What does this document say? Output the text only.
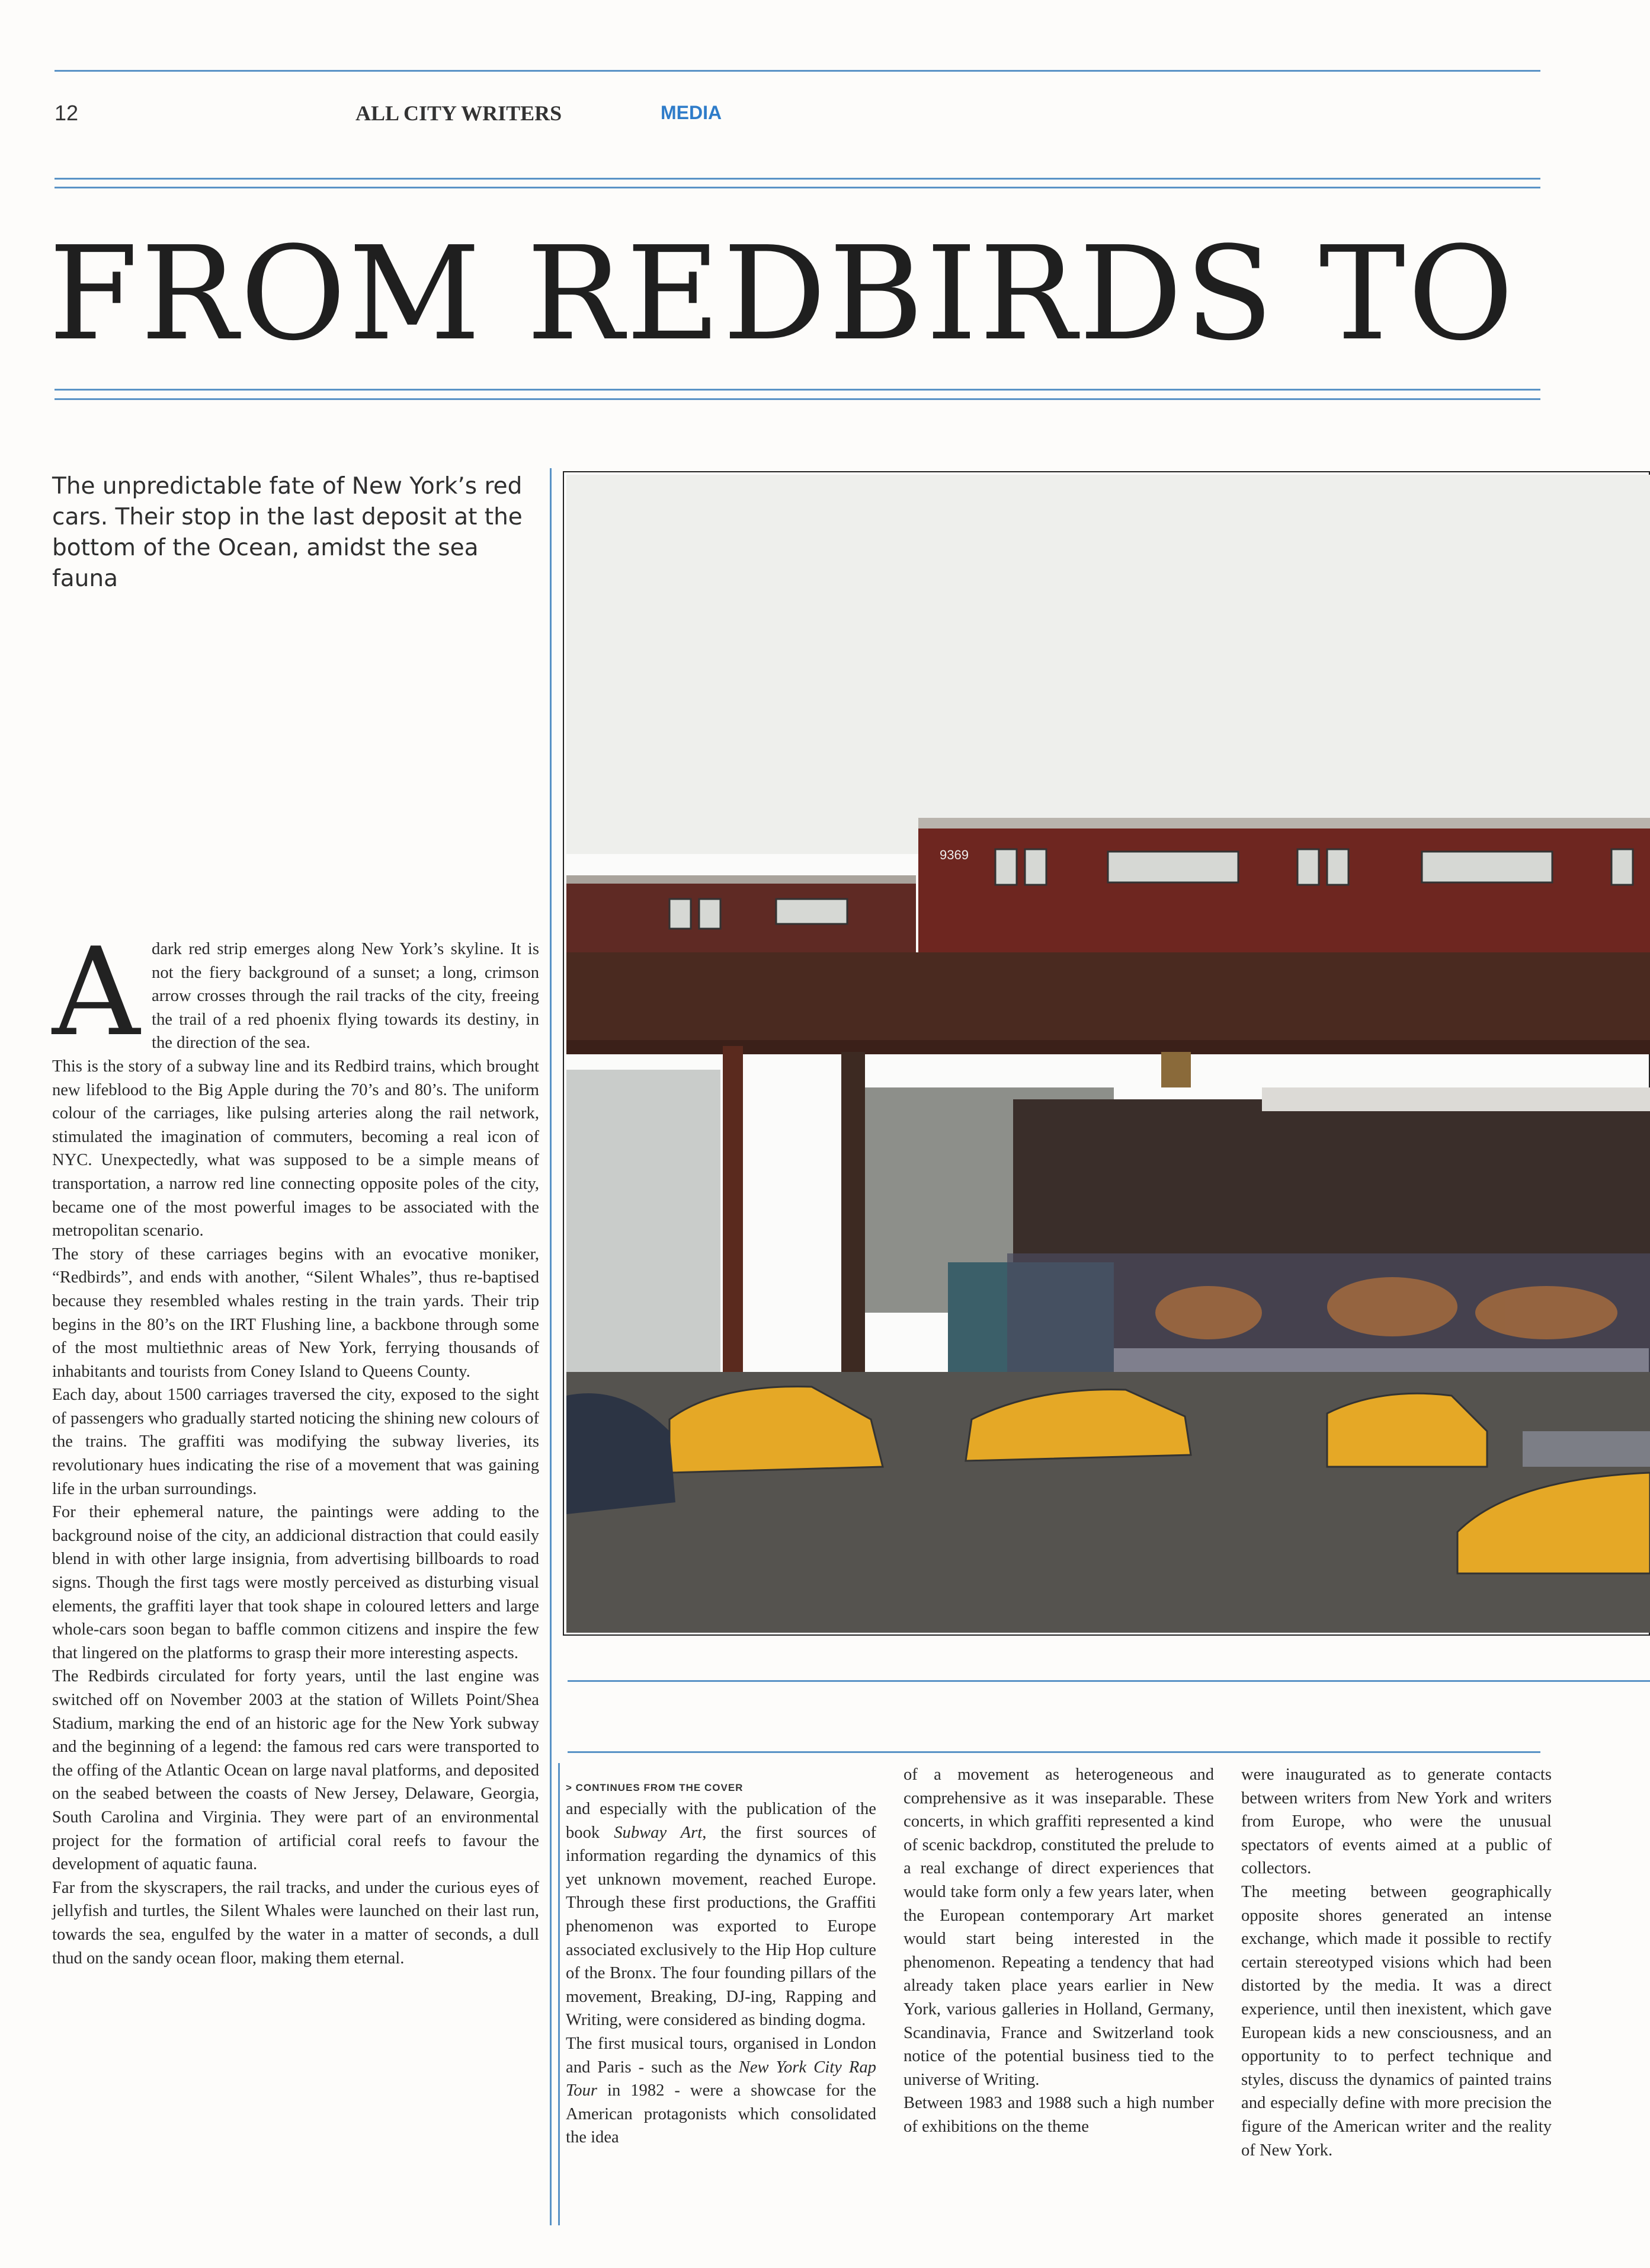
12	ALL CITY WRITERS	MEDIA
FROM REDBIRDS TO
The unpredictable fate of New York’s red cars. Their stop in the last deposit at the bottom of the Ocean, amidst the sea fauna
9369
A dark red strip emerges along New York’s skyline. It is not the fiery background of a sunset; a long, crimson arrow crosses through the rail tracks of the city, freeing the trail of a red phoenix flying towards its destiny, in the direction of the sea.

This is the story of a subway line and its Redbird trains, which brought new lifeblood to the Big Apple during the 70’s and 80’s. The uniform colour of the carriages, like pulsing arteries along the rail network, stimulated the imagination of commuters, becoming a real icon of NYC. Unexpectedly, what was supposed to be a simple means of transportation, a narrow red line connecting opposite poles of the city, became one of the most powerful images to be associated with the metropolitan scenario.

The story of these carriages begins with an evocative moniker, “Redbirds”, and ends with another, “Silent Whales”, thus re-baptised because they resembled whales resting in the train yards. Their trip begins in the 80’s on the IRT Flushing line, a backbone through some of the most multiethnic areas of New York, ferrying thousands of inhabitants and tourists from Coney Island to Queens County.

Each day, about 1500 carriages traversed the city, exposed to the sight of passengers who gradually started noticing the shining new colours of the trains. The graffiti was modifying the subway liveries, its revolutionary hues indicating the rise of a movement that was gaining life in the urban surroundings.

For their ephemeral nature, the paintings were adding to the background noise of the city, an addicional distraction that could easily blend in with other large insignia, from advertising billboards to road signs. Though the first tags were mostly perceived as disturbing visual elements, the graffiti layer that took shape in coloured letters and large whole-cars soon began to baffle common citizens and inspire the few that lingered on the platforms to grasp their more interesting aspects.

The Redbirds circulated for forty years, until the last engine was switched off on November 2003 at the station of Willets Point/Shea Stadium, marking the end of an historic age for the New York subway and the beginning of a legend: the famous red cars were transported to the offing of the Atlantic Ocean on large naval platforms, and deposited on the seabed between the coasts of New Jersey, Delaware, Georgia, South Carolina and Virginia. They were part of an environmental project for the formation of artificial coral reefs to favour the development of aquatic fauna.

Far from the skyscrapers, the rail tracks, and under the curious eyes of jellyfish and turtles, the Silent Whales were launched on their last run, towards the sea, engulfed by the water in a matter of seconds, a dull thud on the sandy ocean floor, making them eternal.

> CONTINUES FROM THE COVER

and especially with the publication of the book Subway Art, the first sources of information regarding the dynamics of this yet unknown movement, reached Europe. Through these first productions, the Graffiti phenomenon was exported to Europe associated exclusively to the Hip Hop culture of the Bronx. The four founding pillars of the movement, Breaking, DJ-ing, Rapping and Writing, were considered as binding dogma.

The first musical tours, organised in London and Paris - such as the New York City Rap Tour in 1982 - were a showcase for the American protagonists which consolidated the idea

of a movement as heterogeneous and comprehensive as it was inseparable. These concerts, in which graffiti represented a kind of scenic backdrop, constituted the prelude to a real exchange of direct experiences that would take form only a few years later, when the European contemporary Art market would start being interested in the phenomenon. Repeating a tendency that had already taken place years earlier in New York, various galleries in Holland, Germany, Scandinavia, France and Switzerland took notice of the potential business tied to the universe of Writing.

Between 1983 and 1988 such a high number of exhibitions on the theme

were inaugurated as to generate contacts between writers from New York and writers from Europe, who were the unusual spectators of events aimed at a public of collectors.

The meeting between geographically opposite shores generated an intense exchange, which made it possible to rectify certain stereotyped visions which had been distorted by the media. It was a direct experience, until then inexistent, which gave European kids a new consciousness, and an opportunity to to perfect technique and styles, discuss the dynamics of painted trains and especially define with more precision the figure of the American writer and the reality of New York.
